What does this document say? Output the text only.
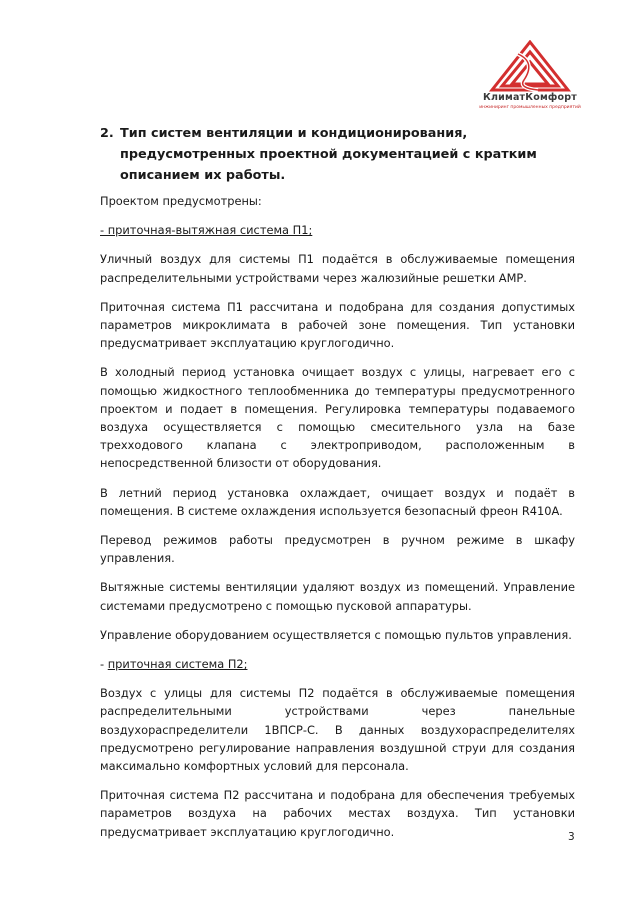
КлиматКомфорт
инжиниринг промышленных предприятий
2. Тип систем вентиляции и кондиционирования, предусмотренных проектной документацией с кратким описанием их работы.

Проектом предусмотрены:

- приточная-вытяжная система П1;

Уличный воздух для системы П1 подаётся в обслуживаемые помещения распределительными устройствами через жалюзийные решетки АМР.

Приточная система П1 рассчитана и подобрана для создания допустимых параметров микроклимата в рабочей зоне помещения. Тип установки предусматривает эксплуатацию круглогодично.

В холодный период установка очищает воздух с улицы, нагревает его с помощью жидкостного теплообменника до температуры предусмотренного проектом и подает в помещения. Регулировка температуры подаваемого воздуха осуществляется с помощью смесительного узла на базе трехходового клапана с электроприводом, расположенным в непосредственной близости от оборудования.

В летний период установка охлаждает, очищает воздух и подаёт в помещения. В системе охлаждения используется безопасный фреон R410A.

Перевод режимов работы предусмотрен в ручном режиме в шкафу управления.

Вытяжные системы вентиляции удаляют воздух из помещений. Управление системами предусмотрено с помощью пусковой аппаратуры.

Управление оборудованием осуществляется с помощью пультов управления.

- приточная система П2;

Воздух с улицы для системы П2 подаётся в обслуживаемые помещения распределительными устройствами через панельные воздухораспределители 1ВПСР-С. В данных воздухораспределителях предусмотрено регулирование направления воздушной струи для создания максимально комфортных условий для персонала.

Приточная система П2 рассчитана и подобрана для обеспечения требуемых параметров воздуха на рабочих местах воздуха. Тип установки предусматривает эксплуатацию круглогодично.	3
